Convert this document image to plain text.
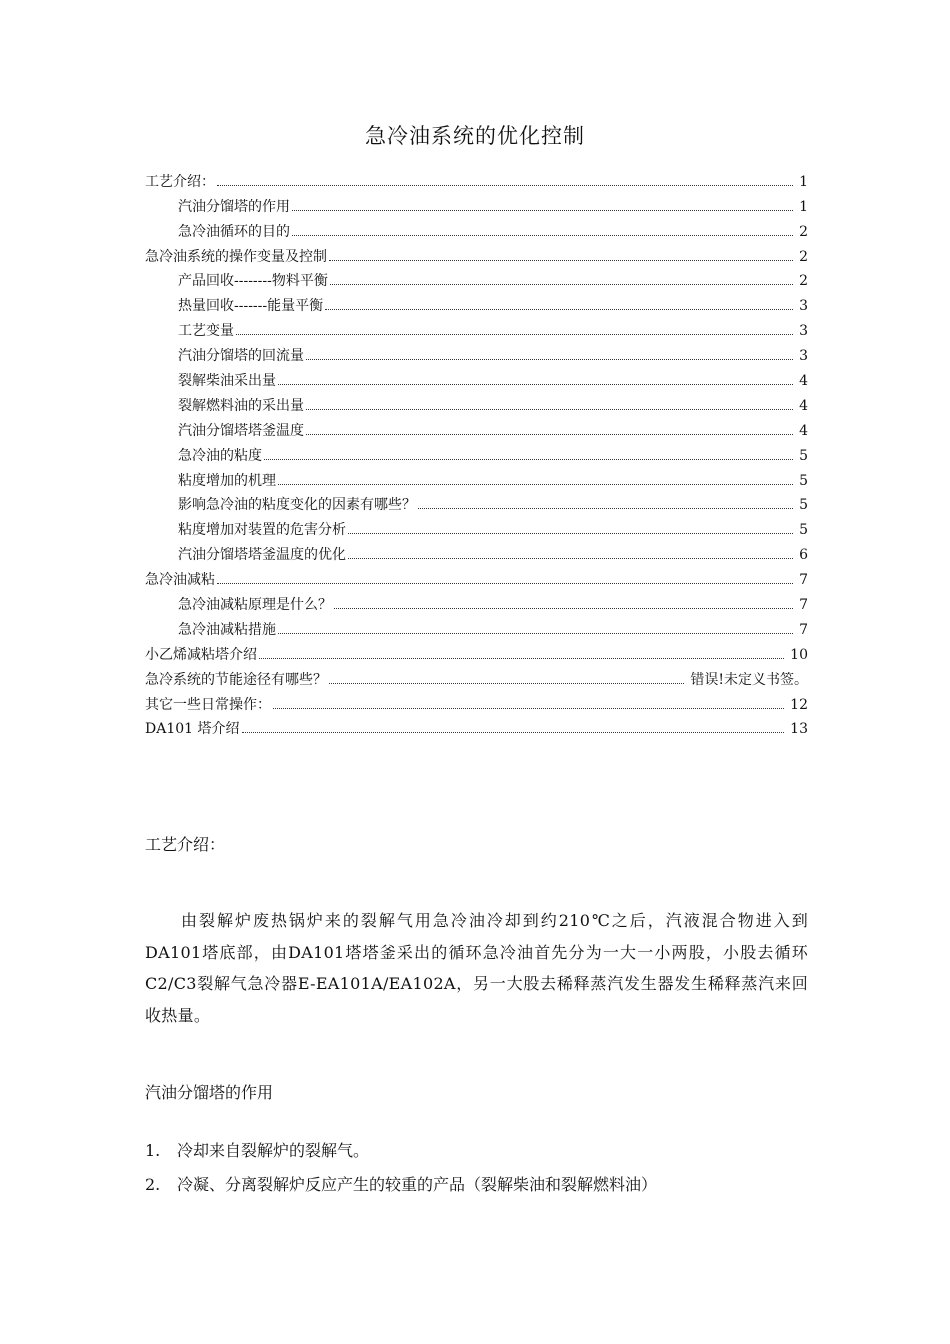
急冷油系统的优化控制
工艺介绍：	1
汽油分馏塔的作用	1
急冷油循环的目的	2
急冷油系统的操作变量及控制	2
产品回收--------物料平衡	2
热量回收-------能量平衡	3
工艺变量	3
汽油分馏塔的回流量	3
裂解柴油采出量	4
裂解燃料油的采出量	4
汽油分馏塔塔釜温度	4
急冷油的粘度	5
粘度增加的机理	5
影响急冷油的粘度变化的因素有哪些？	5
粘度增加对装置的危害分析	5
汽油分馏塔塔釜温度的优化	6
急冷油减粘	7
急冷油减粘原理是什么？	7
急冷油减粘措施	7
小乙烯减粘塔介绍	10
急冷系统的节能途径有哪些？	错误!未定义书签。
其它一些日常操作：	12
DA101 塔介绍	13
工艺介绍：
由裂解炉废热锅炉来的裂解气用急冷油冷却到约210℃之后，汽液混合物进入到DA101塔底部，由DA101塔塔釜采出的循环急冷油首先分为一大一小两股，小股去循环C2/C3裂解气急冷器E-EA101A/EA102A，另一大股去稀释蒸汽发生器发生稀释蒸汽来回收热量。
汽油分馏塔的作用
1.	冷却来自裂解炉的裂解气。
2.	冷凝、分离裂解炉反应产生的较重的产品（裂解柴油和裂解燃料油）
